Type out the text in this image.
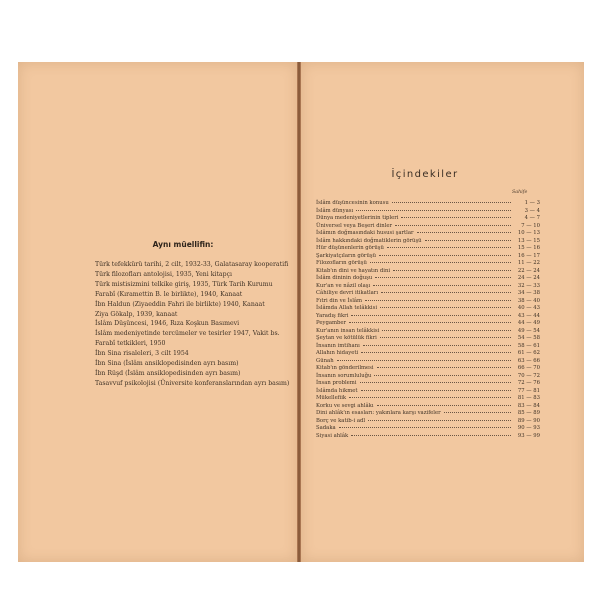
Aynı müellifin:
Türk tefekkürü tarihi, 2 cilt, 1932-33, Galatasaray kooperatifi
Türk filozofları antolojisi, 1935, Yeni kitapçı
Türk mistisizmini telkike giriş, 1935, Türk Tarih Kurumu
Farabî (Kıramettin B. le birlikte), 1940, Kanaat
İbn Haldun (Ziyaeddin Fahri ile birlikte) 1940, Kanaat
Ziya Gökalp, 1939, kanaat
İslâm Düşüncesi, 1946, Rıza Koşkun Basımevi
İslâm medeniyetinde tercümeler ve tesirler 1947, Vakit bs.
Farabî tetkikleri, 1950
İbn Sina risaleleri, 3 cilt 1954
İbn Sina (İslâm ansiklopedisinden ayrı basım)
İbn Rüşd (İslâm ansiklopedisinden ayrı basım)
Tasavvuf psikolojisi (Üniversite konferanslarından ayrı basım)
İçindekiler
Sahife
İslâm düşüncesinin konusu	1 — 3
İslâm dünyası	3 — 4
Dünya medeniyetlerinin tipleri	4 — 7
Üniversel veya Beşeri dinler	7 — 10
İslâmın doğmasındaki hususi şartlar	10 — 13
İslâm hakkındaki doğmatiklerin görüşü	13 — 15
Hür düşünenlerin görüşü	15 — 16
Şarkiyatçıların görüşü	16 — 17
Filozofların görüşü	11 — 22
Kitab'ın dini ve hayatın dini	22 — 24
İslâm dininin doğuşu	24 — 24
Kur'an ve nâzil olaşı	32 — 33
Câhiliye devri itikatları	34 — 38
Fıtri din ve İslâm	38 — 40
İslâmda Allah telâkkisi	40 — 43
Yaradış fikri	43 — 44
Peygamber	44 — 49
Kur'anın insan telâkkisi	49 — 54
Şeytan ve kötülük fikri	54 — 58
İnsanın imtihanı	58 — 61
Allahın hidayeti	61 — 62
Günah	63 — 66
Kitab'ın gönderilmesi	66 — 70
İnsanın sorumluluğu	70 — 72
İnsan problemi	72 — 76
İslâmda hikmet	77 — 81
Mükellefiik	81 — 83
Korku ve sevgi ahlâkı	83 — 84
Dini ahlâk'ın esasları: yakınlara karşı vazifeler	85 — 89
Borç ve katib-i adl	89 — 90
Sadaka	90 — 93
Siyasi ahlâk	93 — 99
